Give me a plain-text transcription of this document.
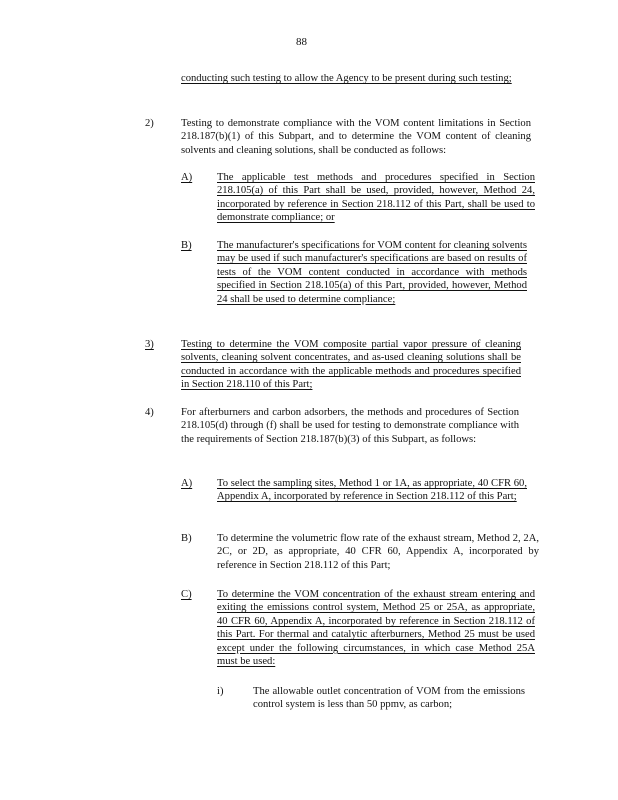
88
conducting such testing to allow the Agency to be present during such testing;
2)	Testing to demonstrate compliance with the VOM content limitations in Section 218.187(b)(1) of this Subpart, and to determine the VOM content of cleaning solvents and cleaning solutions, shall be conducted as follows:
A) The applicable test methods and procedures specified in Section 218.105(a) of this Part shall be used, provided, however, Method 24, incorporated by reference in Section 218.112 of this Part, shall be used to demonstrate compliance; or
B) The manufacturer's specifications for VOM content for cleaning solvents may be used if such manufacturer's specifications are based on results of tests of the VOM content conducted in accordance with methods specified in Section 218.105(a) of this Part, provided, however, Method 24 shall be used to determine compliance;
3)	Testing to determine the VOM composite partial vapor pressure of cleaning solvents, cleaning solvent concentrates, and as-used cleaning solutions shall be conducted in accordance with the applicable methods and procedures specified in Section 218.110 of this Part;
4)	For afterburners and carbon adsorbers, the methods and procedures of Section 218.105(d) through (f) shall be used for testing to demonstrate compliance with the requirements of Section 218.187(b)(3) of this Subpart, as follows:
A) To select the sampling sites, Method 1 or 1A, as appropriate, 40 CFR 60, Appendix A, incorporated by reference in Section 218.112 of this Part;
B) To determine the volumetric flow rate of the exhaust stream, Method 2, 2A, 2C, or 2D, as appropriate, 40 CFR 60, Appendix A, incorporated by reference in Section 218.112 of this Part;
C) To determine the VOM concentration of the exhaust stream entering and exiting the emissions control system, Method 25 or 25A, as appropriate, 40 CFR 60, Appendix A, incorporated by reference in Section 218.112 of this Part. For thermal and catalytic afterburners, Method 25 must be used except under the following circumstances, in which case Method 25A must be used:
i)	The allowable outlet concentration of VOM from the emissions control system is less than 50 ppmv, as carbon;
